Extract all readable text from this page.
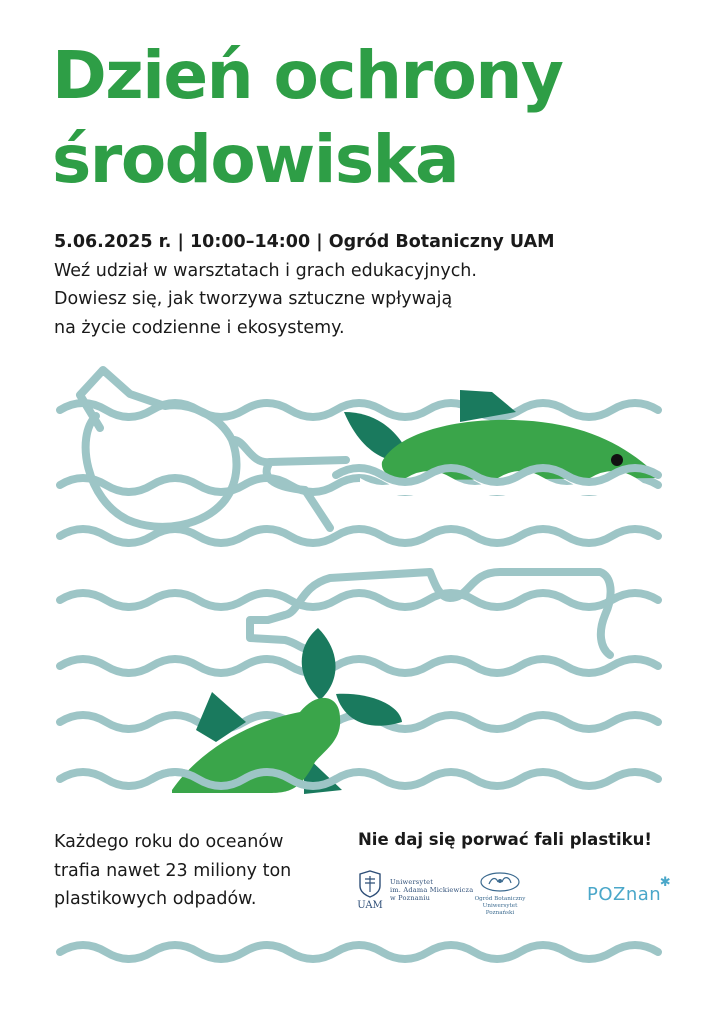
Dzień ochrony
środowiska
5.06.2025 r. | 10:00–14:00 | Ogród Botaniczny UAM
Weź udział w warsztatach i grach edukacyjnych.
Dowiesz się, jak tworzywa sztuczne wpływają
na życie codzienne i ekosystemy.
Każdego roku do oceanów
trafia nawet 23 miliony ton
plastikowych odpadów.
Nie daj się porwać fali plastiku!
UAM
Uniwersytet
im. Adama Mickiewicza
w Poznaniu	Ogród Botaniczny
Uniwersytet Poznański
POZnan
✱
